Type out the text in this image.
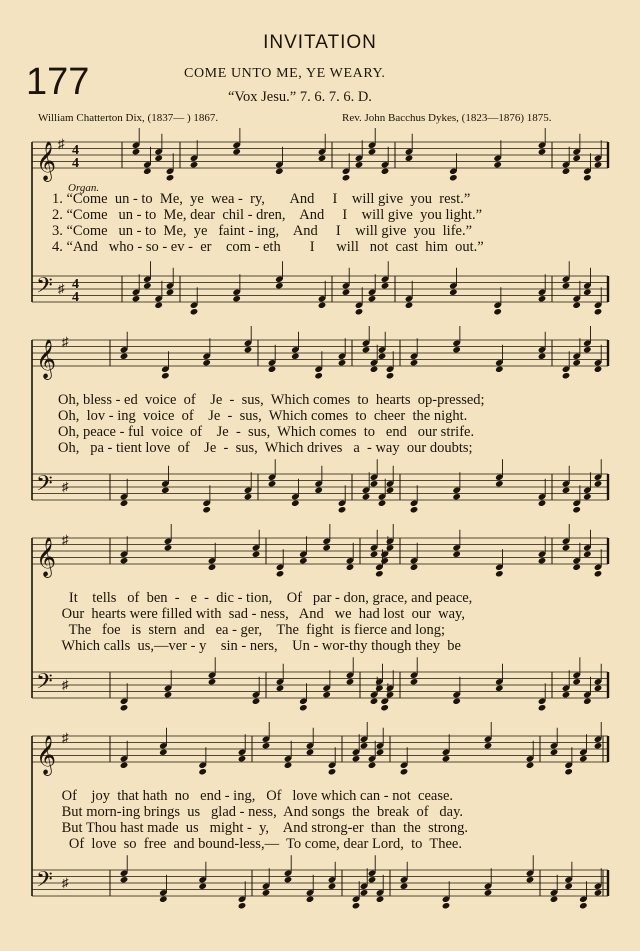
INVITATION
177	COME UNTO ME, YE WEARY.
“Vox Jesu.” 7. 6. 7. 6. D.
William Chatterton Dix, (1837— ) 1867.	Rev. John Bacchus Dykes, (1823—1876) 1875.
𝄞 4
4
♯
𝄢 4
4
♯
Organ.
1. “Come  un - to  Me,  ye  wea -  ry,       And     I    will give  you  rest.”
2. “Come   un - to  Me, dear  chil - dren,    And     I    will give  you light.”
3. “Come   un - to  Me,  ye   faint - ing,    And     I    will give  you  life.”
4. “And   who - so - ev -  er    com - eth        I      will   not  cast  him  out.”
𝄞 ♯
𝄢 ♯
Oh, bless - ed  voice  of    Je  -  sus,  Which comes  to  hearts  op-pressed;
Oh,  lov - ing  voice  of    Je  -  sus,  Which comes  to  cheer  the night.
Oh, peace - ful  voice  of    Je  -  sus,  Which comes  to   end   our strife.
Oh,   pa - tient love  of    Je  -  sus,  Which drives   a  - way  our doubts;
𝄞 ♯
𝄢 ♯
It    tells   of  ben  -   e  -  dic - tion,    Of   par - don, grace, and peace,
Our  hearts were filled with  sad - ness,   And   we  had lost  our  way,
The   foe   is  stern  and   ea - ger,    The  fight  is fierce and long;
Which calls  us,—ver - y    sin - ners,    Un - wor-thy though they  be
𝄞 ♯
𝄢 ♯
Of    joy  that hath  no   end - ing,   Of   love which can - not  cease.
But morn-ing brings  us   glad - ness,  And songs  the  break  of   day.
But Thou hast made  us   might -  y,    And strong-er  than  the  strong.
Of  love  so  free  and bound-less,—  To come, dear Lord,  to  Thee.
